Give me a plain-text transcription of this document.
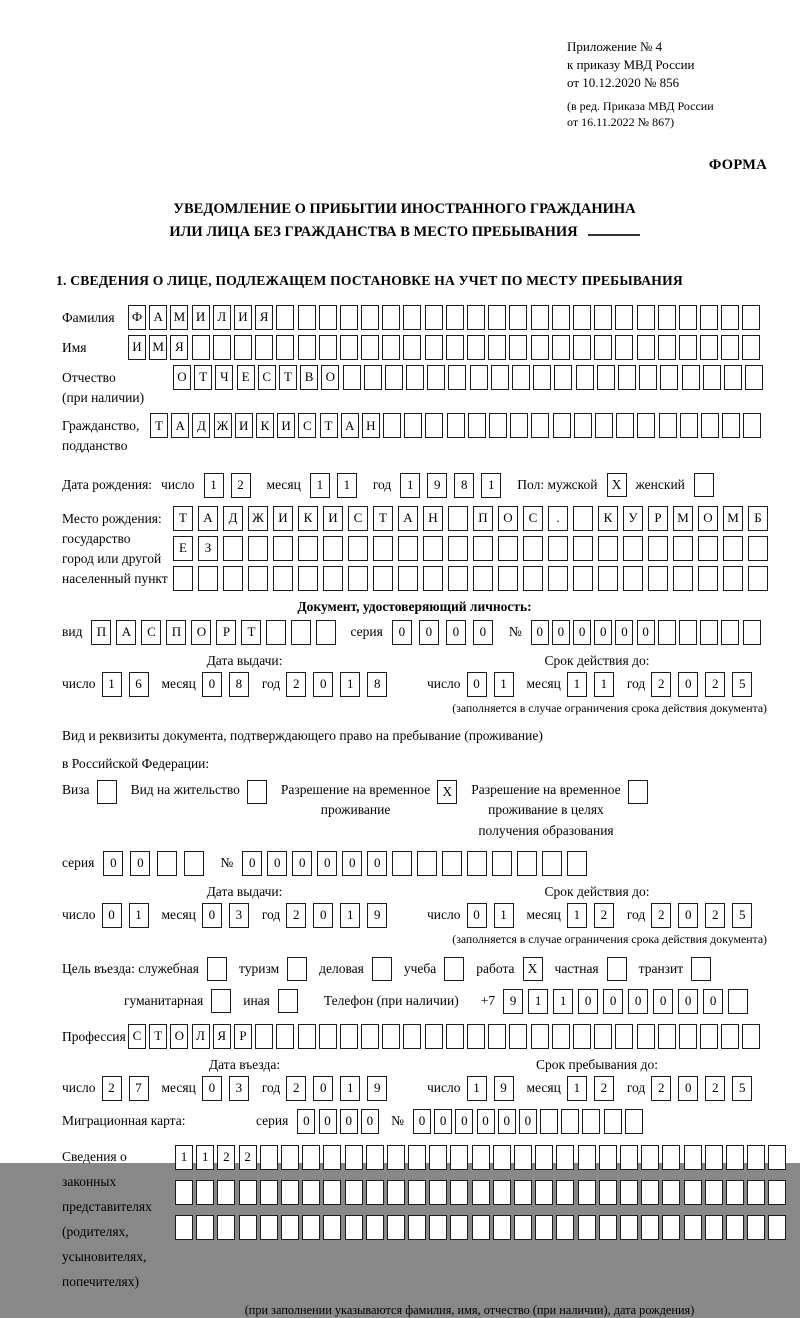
Приложение № 4
к приказу МВД России
от 10.12.2020 № 856
(в ред. Приказа МВД России
от 16.11.2022 № 867)
ФОРМА
УВЕДОМЛЕНИЕ О ПРИБЫТИИ ИНОСТРАННОГО ГРАЖДАНИНА
ИЛИ ЛИЦА БЕЗ ГРАЖДАНСТВА В МЕСТО ПРЕБЫВАНИЯ
1. СВЕДЕНИЯ О ЛИЦЕ, ПОДЛЕЖАЩЕМ ПОСТАНОВКЕ НА УЧЕТ ПО МЕСТУ ПРЕБЫВАНИЯ
Фамилия	Ф А М И Л И Я
Имя	И М Я
Отчество
(при наличии)
О Т Ч Е С Т В О
Гражданство,
подданство
Т А Д Ж И К И С Т А Н
Дата рождения: число	1	2	месяц	1	1	год	1	9	8	1	Пол: мужской	X	женский
Место рождения:
государство
город или другой
населенный пункт
Т	А	Д	Ж	И	К	И	С	Т	А	Н	П	О	С	.	К	У	Р	М	О	М	Б

Е	З

Документ, удостоверяющий личность:
вид	П	А	С	П	О	Р	Т	серия	0	0	0	0	№	0	0	0	0	0	0
Дата выдачи:
число 1	6	месяц 0	8	год 2	0	1	8
Срок действия до:
число 0	1	месяц 1	1	год 2	0	2	5
(заполняется в случае ограничения срока действия документа)
Вид и реквизиты документа, подтверждающего право на пребывание (проживание)
в Российской Федерации:
Виза	Вид на жительство	Разрешение на временное
проживание
X	Разрешение на временное
проживание в целях
получения образования
серия	0	0	№	0	0	0	0	0	0
Дата выдачи:
число 0	1	месяц 0	3	год 2	0	1	9
Срок действия до:
число 0	1	месяц 1	2	год 2	0	2	5
(заполняется в случае ограничения срока действия документа)
Цель въезда: служебная	туризм	деловая	учеба	работа X	частная	транзит
гуманитарная	иная	Телефон (при наличии) +7	9	1	1	0	0	0	0	0	0
Профессия С Т О Л Я	Р
Дата въезда:
число 2	7	месяц 0	3	год 2	0	1	9
Срок пребывания до:
число 1	9	месяц 1	2	год 2	0	2	5
Миграционная карта:	серия	0	0	0	0	№	0	0	0	0	0	0
Сведения о
законных
представителях
(родителях,
усыновителях,
попечителях)
1	1	2	2

(при заполнении указываются фамилия, имя, отчество (при наличии), дата рождения)
